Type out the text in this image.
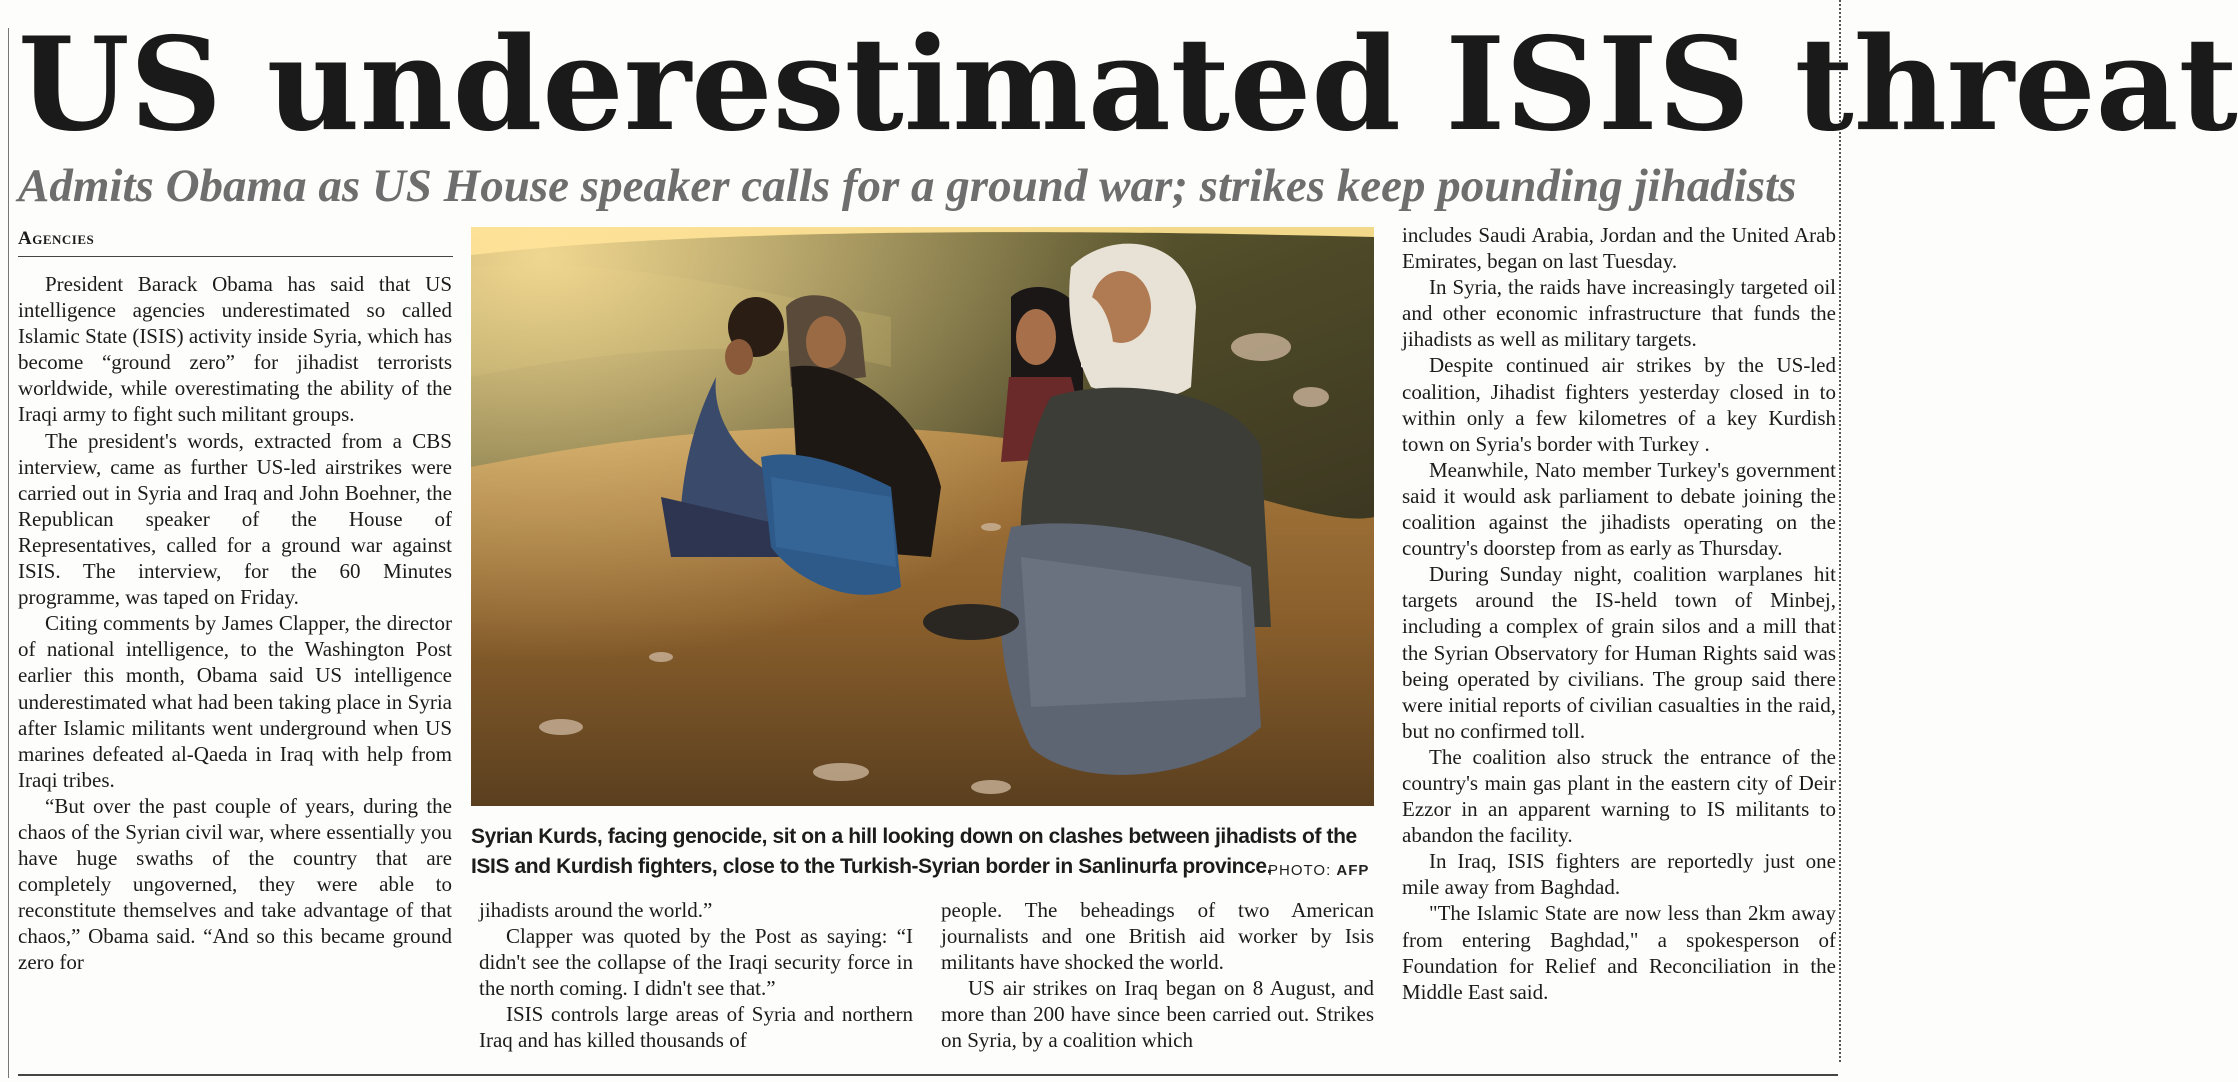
US underestimated ISIS threat
Admits Obama as US House speaker calls for a ground war; strikes keep pounding jihadists
Agencies

President Barack Obama has said that US intelligence agencies underestimated so called Islamic State (ISIS) activity inside Syria, which has become “ground zero” for jihadist terrorists worldwide, while overestimating the ability of the Iraqi army to fight such militant groups.

The president's words, extracted from a CBS interview, came as further US-led airstrikes were carried out in Syria and Iraq and John Boehner, the Republican speaker of the House of Representatives, called for a ground war against ISIS. The interview, for the 60 Minutes programme, was taped on Friday.

Citing comments by James Clapper, the director of national intelligence, to the Washington Post earlier this month, Obama said US intelligence underestimated what had been taking place in Syria after Islamic militants went underground when US marines defeated al-Qaeda in Iraq with help from Iraqi tribes.

“But over the past couple of years, during the chaos of the Syrian civil war, where essentially you have huge swaths of the country that are completely ungoverned, they were able to reconstitute themselves and take advantage of that chaos,” Obama said. “And so this became ground zero for

Syrian Kurds, facing genocide, sit on a hill looking down on clashes between jihadists of the ISIS and Kurdish fighters, close to the Turkish-Syrian border in Sanlinurfa province.
PHOTO: AFP

jihadists around the world.”

Clapper was quoted by the Post as saying: “I didn't see the collapse of the Iraqi security force in the north coming. I didn't see that.”

ISIS controls large areas of Syria and northern Iraq and has killed thousands of

people. The beheadings of two American journalists and one British aid worker by Isis militants have shocked the world.

US air strikes on Iraq began on 8 August, and more than 200 have since been carried out. Strikes on Syria, by a coalition which

includes Saudi Arabia, Jordan and the United Arab Emirates, began on last Tuesday.

In Syria, the raids have increasingly targeted oil and other economic infrastructure that funds the jihadists as well as military targets.

Despite continued air strikes by the US-led coalition, Jihadist fighters yesterday closed in to within only a few kilometres of a key Kurdish town on Syria's border with Turkey .

Meanwhile, Nato member Turkey's government said it would ask parliament to debate joining the coalition against the jihadists operating on the country's doorstep from as early as Thursday.

During Sunday night, coalition warplanes hit targets around the IS-held town of Minbej, including a complex of grain silos and a mill that the Syrian Observatory for Human Rights said was being operated by civilians. The group said there were initial reports of civilian casualties in the raid, but no confirmed toll.

The coalition also struck the entrance of the country's main gas plant in the eastern city of Deir Ezzor in an apparent warning to IS militants to abandon the facility.

In Iraq, ISIS fighters are reportedly just one mile away from Baghdad.

"The Islamic State are now less than 2km away from entering Baghdad," a spokesperson of Foundation for Relief and Reconciliation in the Middle East said.
